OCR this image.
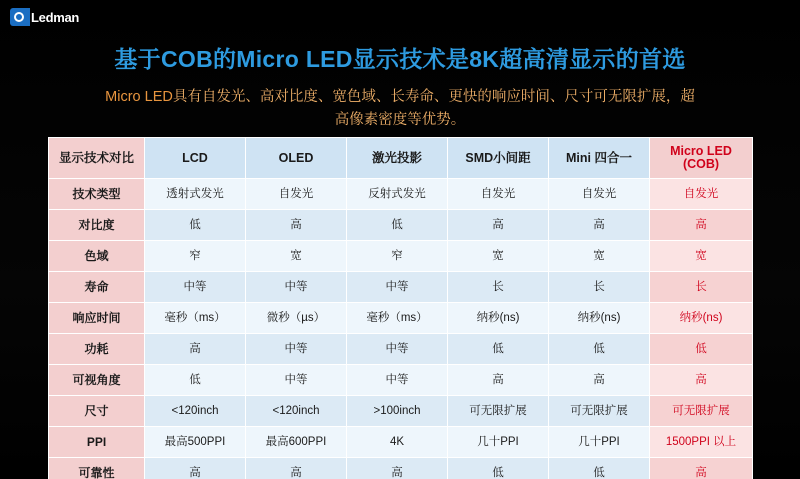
Ledman
基于COB的Micro LED显示技术是8K超高清显示的首选
Micro LED具有自发光、高对比度、宽色域、长寿命、更快的响应时间、尺寸可无限扩展，超高像素密度等优势。
显示技术对比	LCD	OLED	激光投影	SMD小间距	Mini 四合一	Micro LED
(COB)

技术类型	透射式发光	自发光	反射式发光	自发光	自发光	自发光
对比度	低	高	低	高	高	高
色域	窄	宽	窄	宽	宽	宽
寿命	中等	中等	中等	长	长	长
响应时间	毫秒（ms）	微秒（µs）	毫秒（ms）	纳秒(ns)	纳秒(ns)	纳秒(ns)
功耗	高	中等	中等	低	低	低
可视角度	低	中等	中等	高	高	高
尺寸	<120inch	<120inch	>100inch	可无限扩展	可无限扩展	可无限扩展
PPI	最高500PPI	最高600PPI	4K	几十PPI	几十PPI	1500PPI 以上
可靠性	高	高	高	低	低	高
